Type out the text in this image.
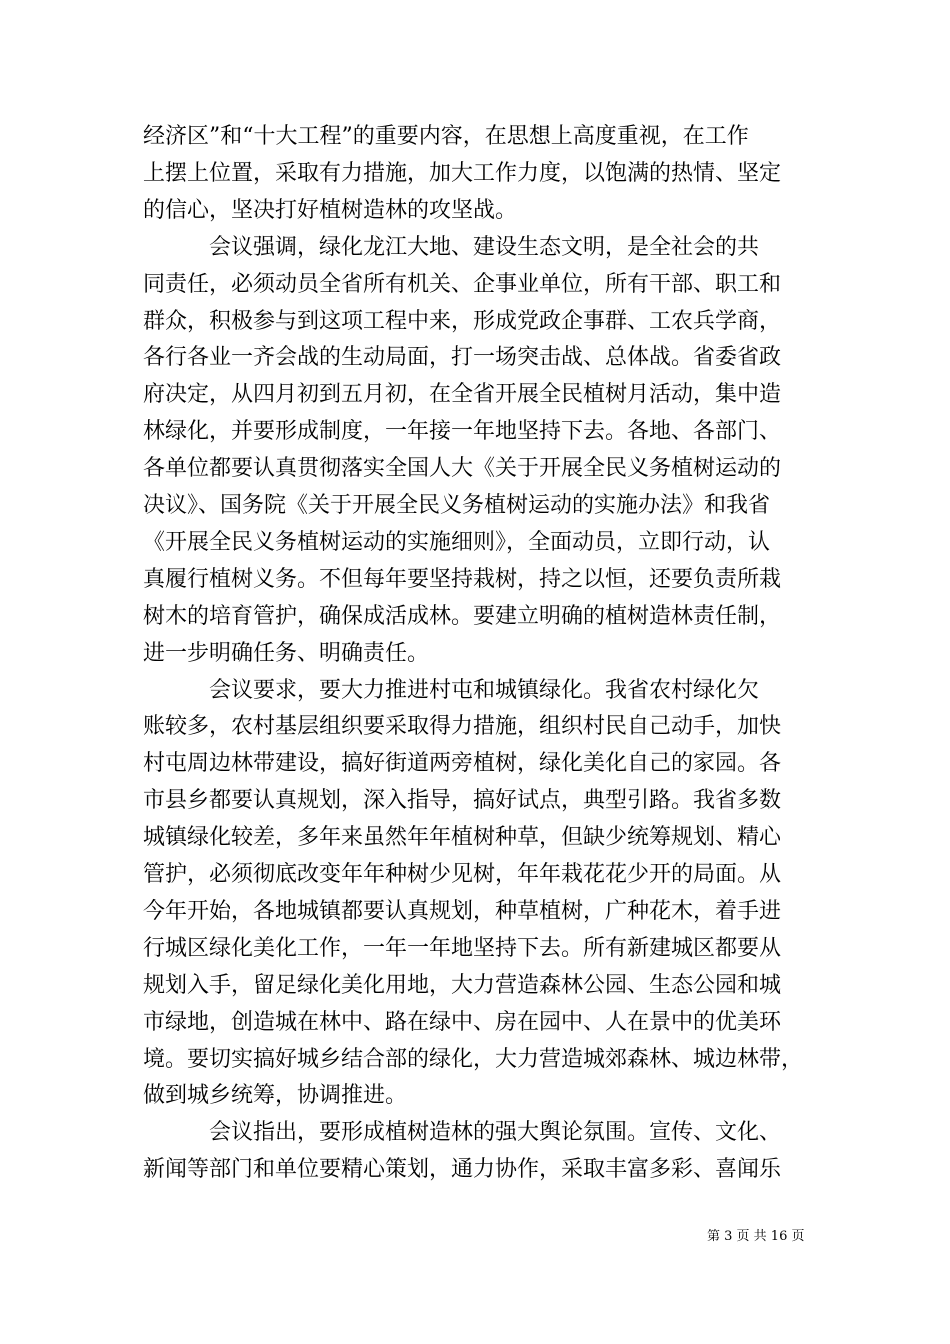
经济区”和“十大工程”的重要内容，在思想上高度重视，在工作
上摆上位置，采取有力措施，加大工作力度，以饱满的热情、坚定
的信心，坚决打好植树造林的攻坚战。
　　　会议强调，绿化龙江大地、建设生态文明，是全社会的共
同责任，必须动员全省所有机关、企事业单位，所有干部、职工和
群众，积极参与到这项工程中来，形成党政企事群、工农兵学商，
各行各业一齐会战的生动局面，打一场突击战、总体战。省委省政
府决定，从四月初到五月初，在全省开展全民植树月活动，集中造
林绿化，并要形成制度，一年接一年地坚持下去。各地、各部门、
各单位都要认真贯彻落实全国人大《关于开展全民义务植树运动的
决议》、国务院《关于开展全民义务植树运动的实施办法》和我省
《开展全民义务植树运动的实施细则》，全面动员，立即行动，认
真履行植树义务。不但每年要坚持栽树，持之以恒，还要负责所栽
树木的培育管护，确保成活成林。要建立明确的植树造林责任制，
进一步明确任务、明确责任。
　　　会议要求，要大力推进村屯和城镇绿化。我省农村绿化欠
账较多，农村基层组织要采取得力措施，组织村民自己动手，加快
村屯周边林带建设，搞好街道两旁植树，绿化美化自己的家园。各
市县乡都要认真规划，深入指导，搞好试点，典型引路。我省多数
城镇绿化较差，多年来虽然年年植树种草，但缺少统筹规划、精心
管护，必须彻底改变年年种树少见树，年年栽花花少开的局面。从
今年开始，各地城镇都要认真规划，种草植树，广种花木，着手进
行城区绿化美化工作，一年一年地坚持下去。所有新建城区都要从
规划入手，留足绿化美化用地，大力营造森林公园、生态公园和城
市绿地，创造城在林中、路在绿中、房在园中、人在景中的优美环
境。要切实搞好城乡结合部的绿化，大力营造城郊森林、城边林带，
做到城乡统筹，协调推进。
　　　会议指出，要形成植树造林的强大舆论氛围。宣传、文化、
新闻等部门和单位要精心策划，通力协作，采取丰富多彩、喜闻乐
第 3 页 共 16 页
